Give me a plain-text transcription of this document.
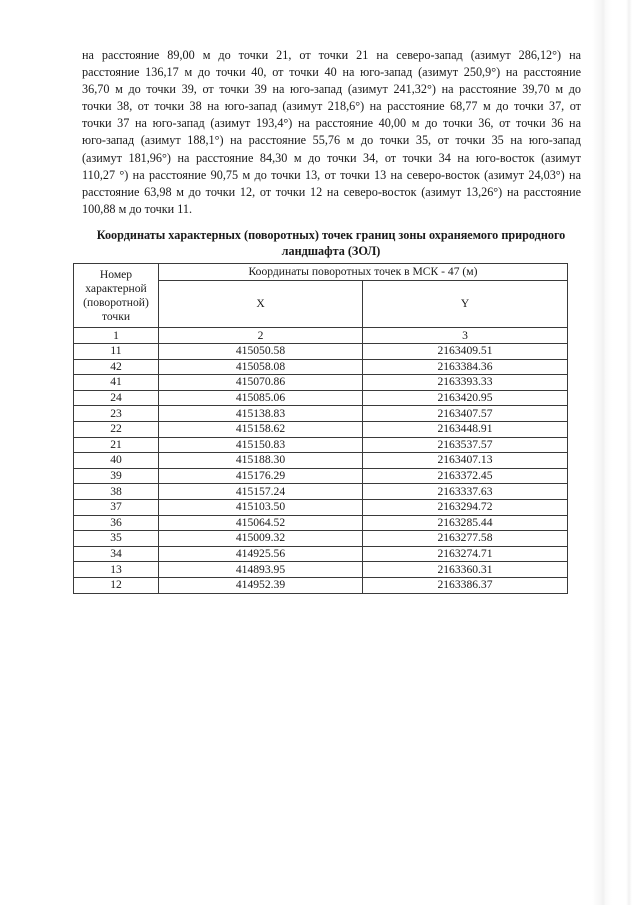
на расстояние 89,00 м до точки 21, от точки 21 на северо-запад (азимут 286,12°) на
расстояние 136,17 м до точки 40, от точки 40 на юго-запад (азимут 250,9°) на расстояние
36,70 м до точки 39, от точки 39 на юго-запад (азимут 241,32°) на расстояние 39,70 м до
точки 38, от точки 38 на юго-запад (азимут 218,6°) на расстояние 68,77 м до точки 37, от
точки 37 на юго-запад (азимут 193,4°) на расстояние 40,00 м до точки 36, от точки 36 на
юго-запад (азимут 188,1°) на расстояние 55,76 м до точки 35, от точки 35 на юго-запад
(азимут 181,96°) на расстояние 84,30 м до точки 34, от точки 34 на юго-восток (азимут
110,27 °) на расстояние 90,75 м до точки 13, от точки 13 на северо-восток (азимут 24,03°) на
расстояние 63,98 м до точки 12, от точки 12 на северо-восток (азимут 13,26°) на расстояние
100,88 м до точки 11.

Координаты характерных (поворотных) точек границ зоны охраняемого природного
ландшафта (ЗОЛ)
Номер характерной (поворотной) точки	Координаты поворотных точек в МСК - 47 (м)	
	X	Y
1	2	3
11	415050.58	2163409.51
42	415058.08	2163384.36
41	415070.86	2163393.33
24	415085.06	2163420.95
23	415138.83	2163407.57
22	415158.62	2163448.91
21	415150.83	2163537.57
40	415188.30	2163407.13
39	415176.29	2163372.45
38	415157.24	2163337.63
37	415103.50	2163294.72
36	415064.52	2163285.44
35	415009.32	2163277.58
34	414925.56	2163274.71
13	414893.95	2163360.31
12	414952.39	2163386.37
